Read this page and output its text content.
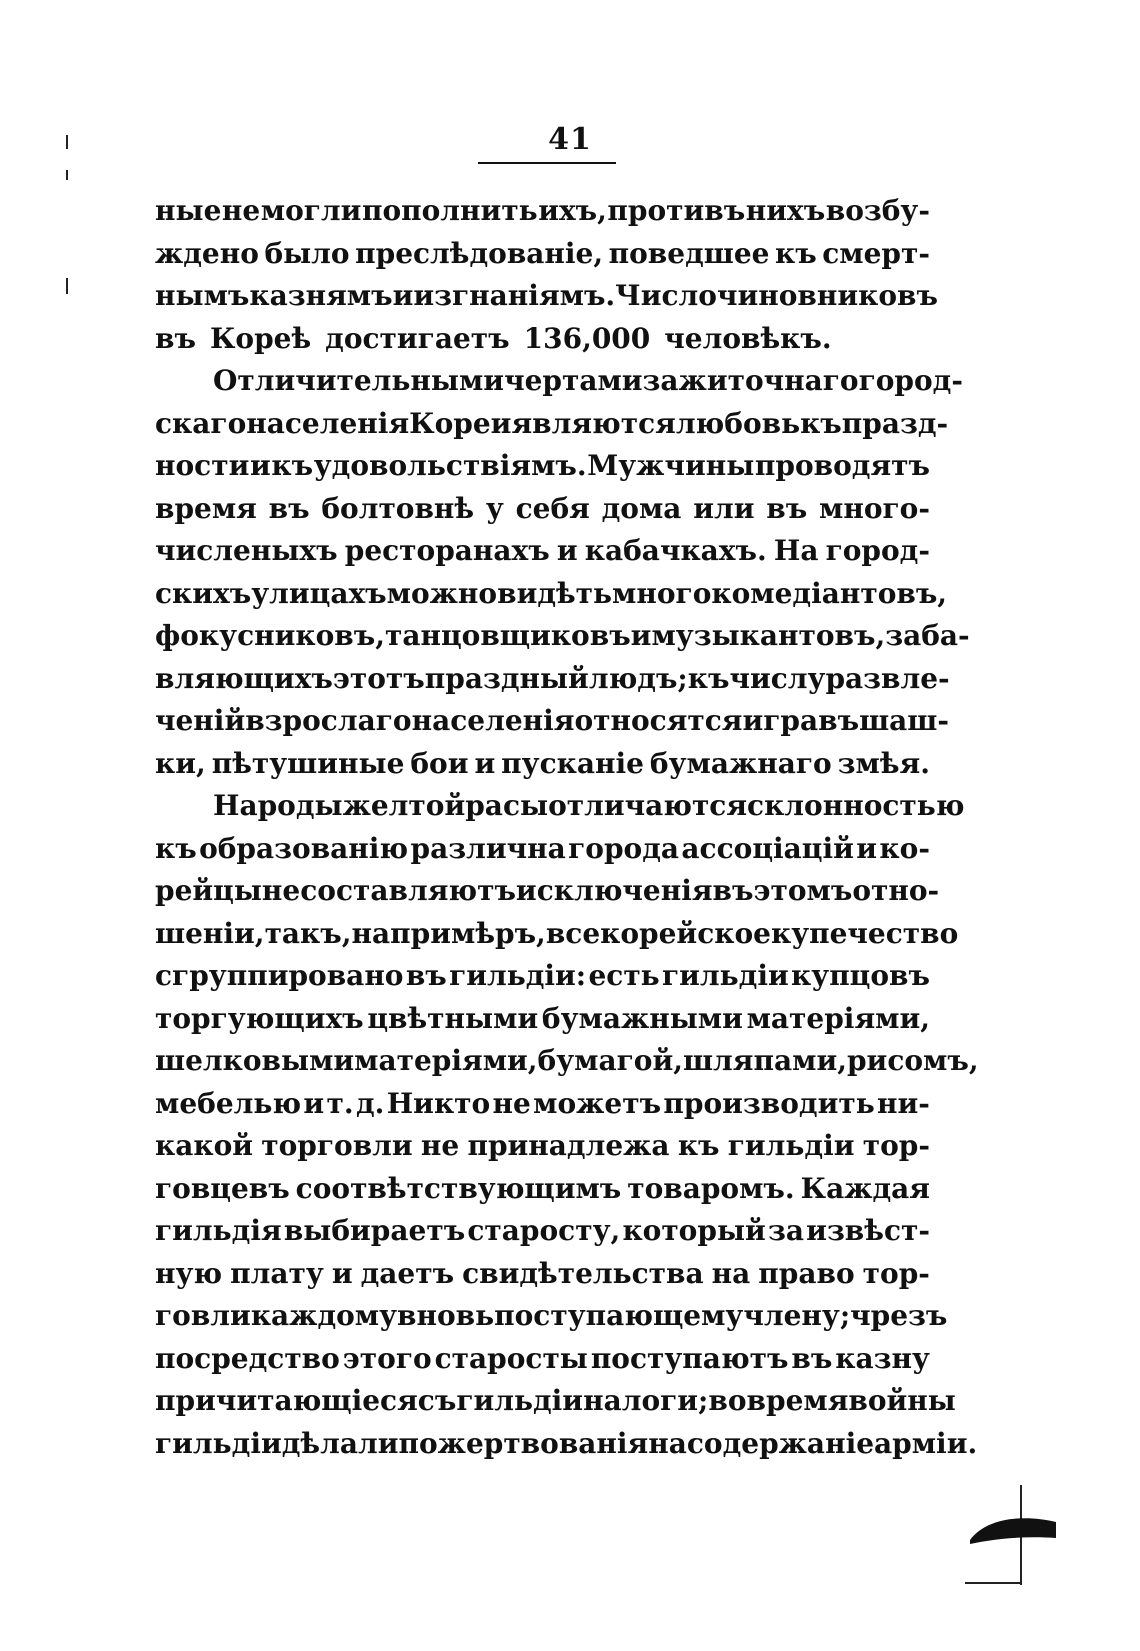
41
ные не могли пополнить ихъ, противъ нихъ возбу-
ждено было преслѣдованіе, поведшее къ смерт-
нымъ казнямъ и изгнаніямъ. Число чиновниковъ
въ Кореѣ достигаетъ 136,000 человѣкъ.
Отличительными чертами зажиточнаго город-
скаго населенія Кореи являются любовь къ празд-
ности и къ удовольствіямъ. Мужчины проводятъ
время въ болтовнѣ у себя дома или въ много-
численыхъ ресторанахъ и кабачкахъ. На город-
скихъ улицахъ можно видѣть много комедіантовъ,
фокусниковъ, танцовщиковъ и музыкантовъ, заба-
вляющихъ этотъ праздный людъ; къ числу развле-
ченій взрослаго населенія относятся игра въ шаш-
ки, пѣтушиные бои и пусканіе бумажнаго змѣя.
Народы желтой расы отличаются склонностью
къ образованію различна города ассоціацій и ко-
рейцы не составляютъ исключенія въ этомъ отно-
шеніи, такъ, напримѣръ, все корейское купечество
сгруппировано въ гильдіи: есть гильдіи купцовъ
торгующихъ цвѣтными бумажными матеріями,
шелковыми матеріями, бумагой, шляпами, рисомъ,
мебелью и т. д. Никто не можетъ производить ни-
какой торговли не принадлежа къ гильдіи тор-
говцевъ соотвѣтствующимъ товаромъ. Каждая
гильдія выбираетъ старосту, который за извѣст-
ную плату и даетъ свидѣтельства на право тор-
говли каждому вновь поступающему члену; чрезъ
посредство этого старосты поступаютъ въ казну
причитающіеся съ гильдіи налоги; во время войны
гильдіи дѣлали пожертвованія на содержаніе арміи.
